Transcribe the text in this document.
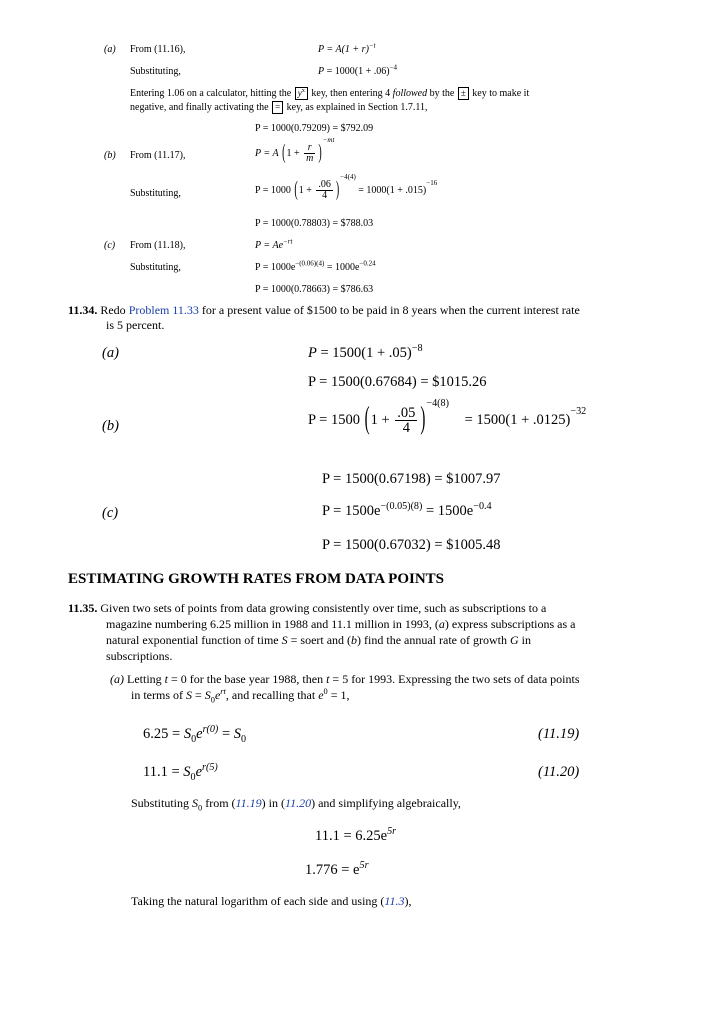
(a) From (11.16),	$P = A(1 + r)^{-t}$
Substituting,	$P = 1000(1 + .06)^{-4}$
Entering 1.06 on a calculator, hitting the $y^x$ key, then entering 4 followed by the ± key to make it
negative, and finally activating the = key, as explained in Section 1.7.11,
P = 1000(0.79209) = $792.09
(b) From (11.17),	P = A $(1 + \frac{r}{m} )^{-mt}$
Substituting,	P = 1000 $(1 + \frac{.06}{4} )^{-4(4)} = 1000(1 + .015)^{-16}$
P = 1000(0.78803) = $788.03
(c) From (11.18),	$P = Ae^{-rt}$
Substituting,	$P = 1000e^{-(0.06)(4)} = 1000e^{-0.24}$
P = 1000(0.78663) = $786.63
11.34. Redo Problem 11.33 for a present value of $1500 to be paid in 8 years when the current interest rate
is 5 percent.
(a)	$P = 1500(1 + .05)^{-8}$
P = 1500(0.67684) = $1015.26
(b)	P = 1500 $(1 + \frac{.05}{4} )^{-4(8)} = 1500(1 + .0125)^{-32}$
P = 1500(0.67198) = $1007.97
(c)	$P = 1500e^{-(0.05)(8)} = 1500e^{-0.4}$
P = 1500(0.67032) = $1005.48
ESTIMATING GROWTH RATES FROM DATA POINTS
11.35. Given two sets of points from data growing consistently over time, such as subscriptions to a
magazine numbering 6.25 million in 1988 and 11.1 million in 1993, (a) express subscriptions as a
natural exponential function of time S = soert and (b) find the annual rate of growth G in
subscriptions.
(a) Letting t = 0 for the base year 1988, then t = 5 for 1993. Expressing the two sets of data points
in terms of $S = S_0e^{rt}$, and recalling that $e^0 = 1$,
$6.25 = S_0e^{r(0)} = S_0$	(11.19)
$11.1 = S_0e^{r(5)}$	(11.20)
Substituting $S_0$ from (11.19) in (11.20) and simplifying algebraically,
$11.1 = 6.25e^{5r}$
$1.776 = e^{5r}$
Taking the natural logarithm of each side and using (11.3),
